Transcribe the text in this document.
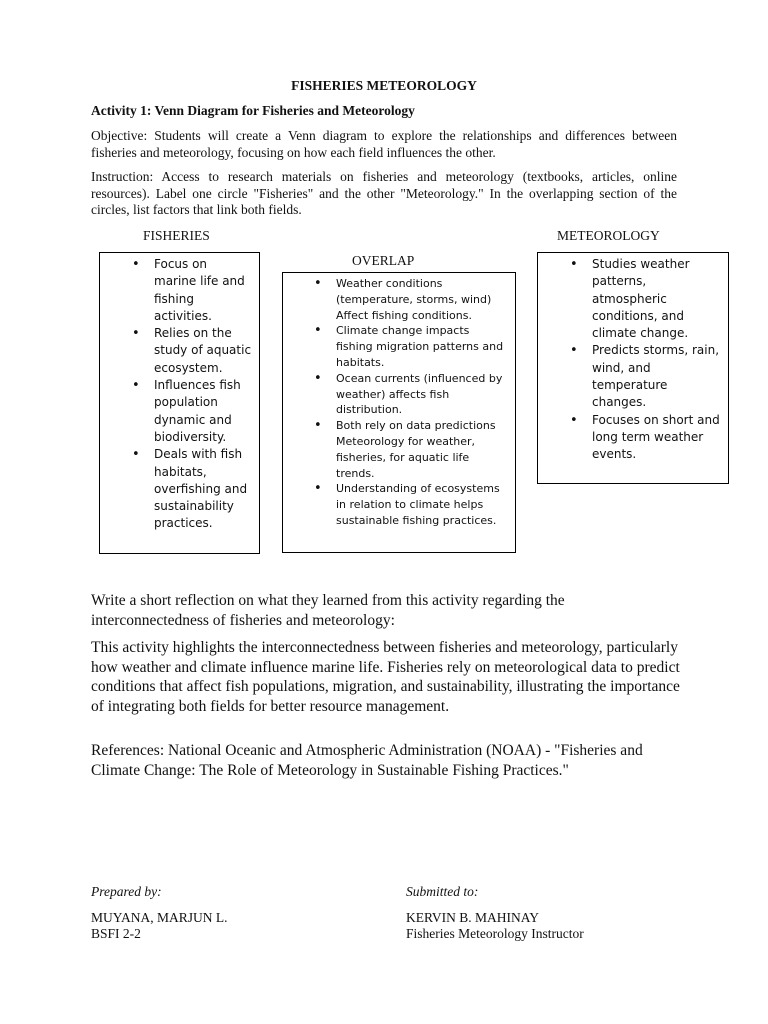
FISHERIES METEOROLOGY
Activity 1: Venn Diagram for Fisheries and Meteorology
Objective: Students will create a Venn diagram to explore the relationships and differences between fisheries and meteorology, focusing on how each field influences the other.
Instruction: Access to research materials on fisheries and meteorology (textbooks, articles, online resources). Label one circle "Fisheries" and the other "Meteorology." In the overlapping section of the circles, list factors that link both fields.
FISHERIES
OVERLAP
METEOROLOGY
• Focus on marine life and fishing activities.
• Relies on the study of aquatic ecosystem.
• Influences fish population dynamic and biodiversity.
• Deals with fish habitats, overfishing and sustainability practices.
• Weather conditions (temperature, storms, wind) Affect fishing conditions.
• Climate change impacts fishing migration patterns and habitats.
• Ocean currents (influenced by weather) affects fish distribution.
• Both rely on data predictions Meteorology for weather, fisheries, for aquatic life trends.
• Understanding of ecosystems in relation to climate helps sustainable fishing practices.
• Studies weather patterns, atmospheric conditions, and climate change.
• Predicts storms, rain, wind, and temperature changes.
• Focuses on short and long term weather events.
Write a short reflection on what they learned from this activity regarding the interconnectedness of fisheries and meteorology:
This activity highlights the interconnectedness between fisheries and meteorology, particularly how weather and climate influence marine life. Fisheries rely on meteorological data to predict conditions that affect fish populations, migration, and sustainability, illustrating the importance of integrating both fields for better resource management.
References: National Oceanic and Atmospheric Administration (NOAA) - "Fisheries and Climate Change: The Role of Meteorology in Sustainable Fishing Practices."
Prepared by:	Submitted to:
MUYANA, MARJUN L.
BSFI 2-2
KERVIN B. MAHINAY
Fisheries Meteorology Instructor
